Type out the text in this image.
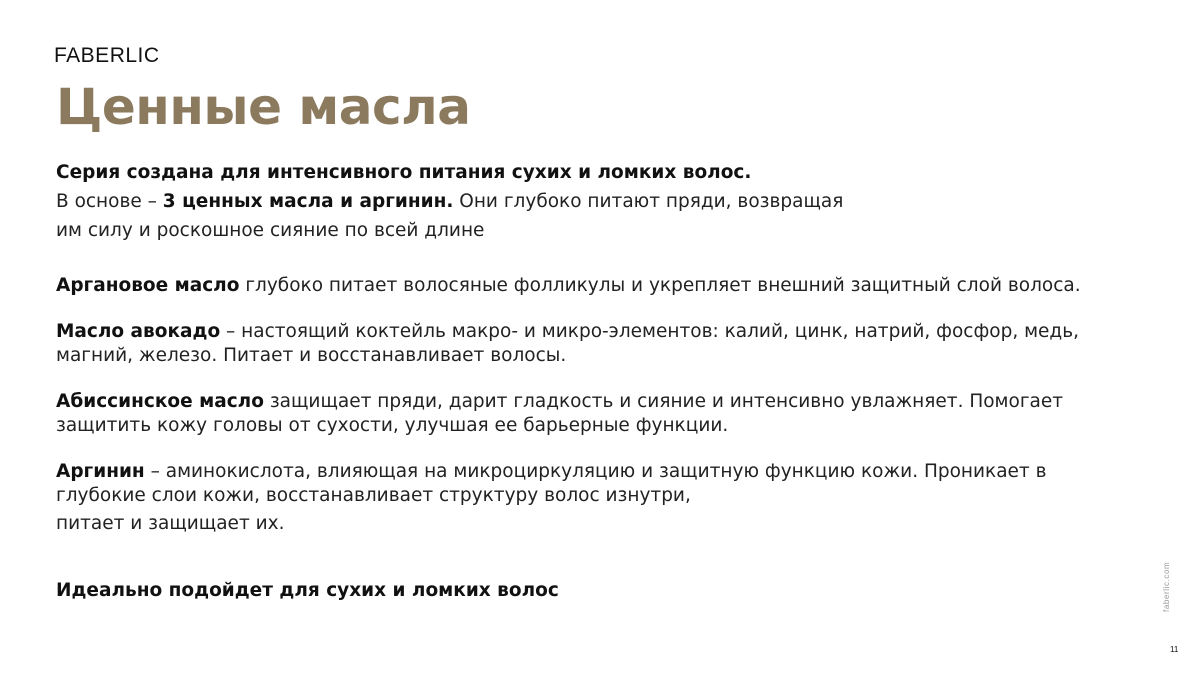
FABERLIC
Ценные масла

Серия создана для интенсивного питания сухих и ломких волос.
В основе – 3 ценных масла и аргинин. Они глубоко питают пряди, возвращая
им силу и роскошное сияние по всей длине

Аргановое масло глубоко питает волосяные фолликулы и укрепляет внешний защитный слой волоса.

Масло авокадо – настоящий коктейль макро- и микро-элементов: калий, цинк, натрий, фосфор, медь, магний, железо. Питает и восстанавливает волосы.

Абиссинское масло защищает пряди, дарит гладкость и сияние и интенсивно увлажняет. Помогает защитить кожу головы от сухости, улучшая ее барьерные функции.

Аргинин – аминокислота, влияющая на микроциркуляцию и защитную функцию кожи. Проникает в глубокие слои кожи, восстанавливает структуру волос изнутри,
питает и защищает их.

Идеально подойдет для сухих и ломких волос	faberlic.com
11
